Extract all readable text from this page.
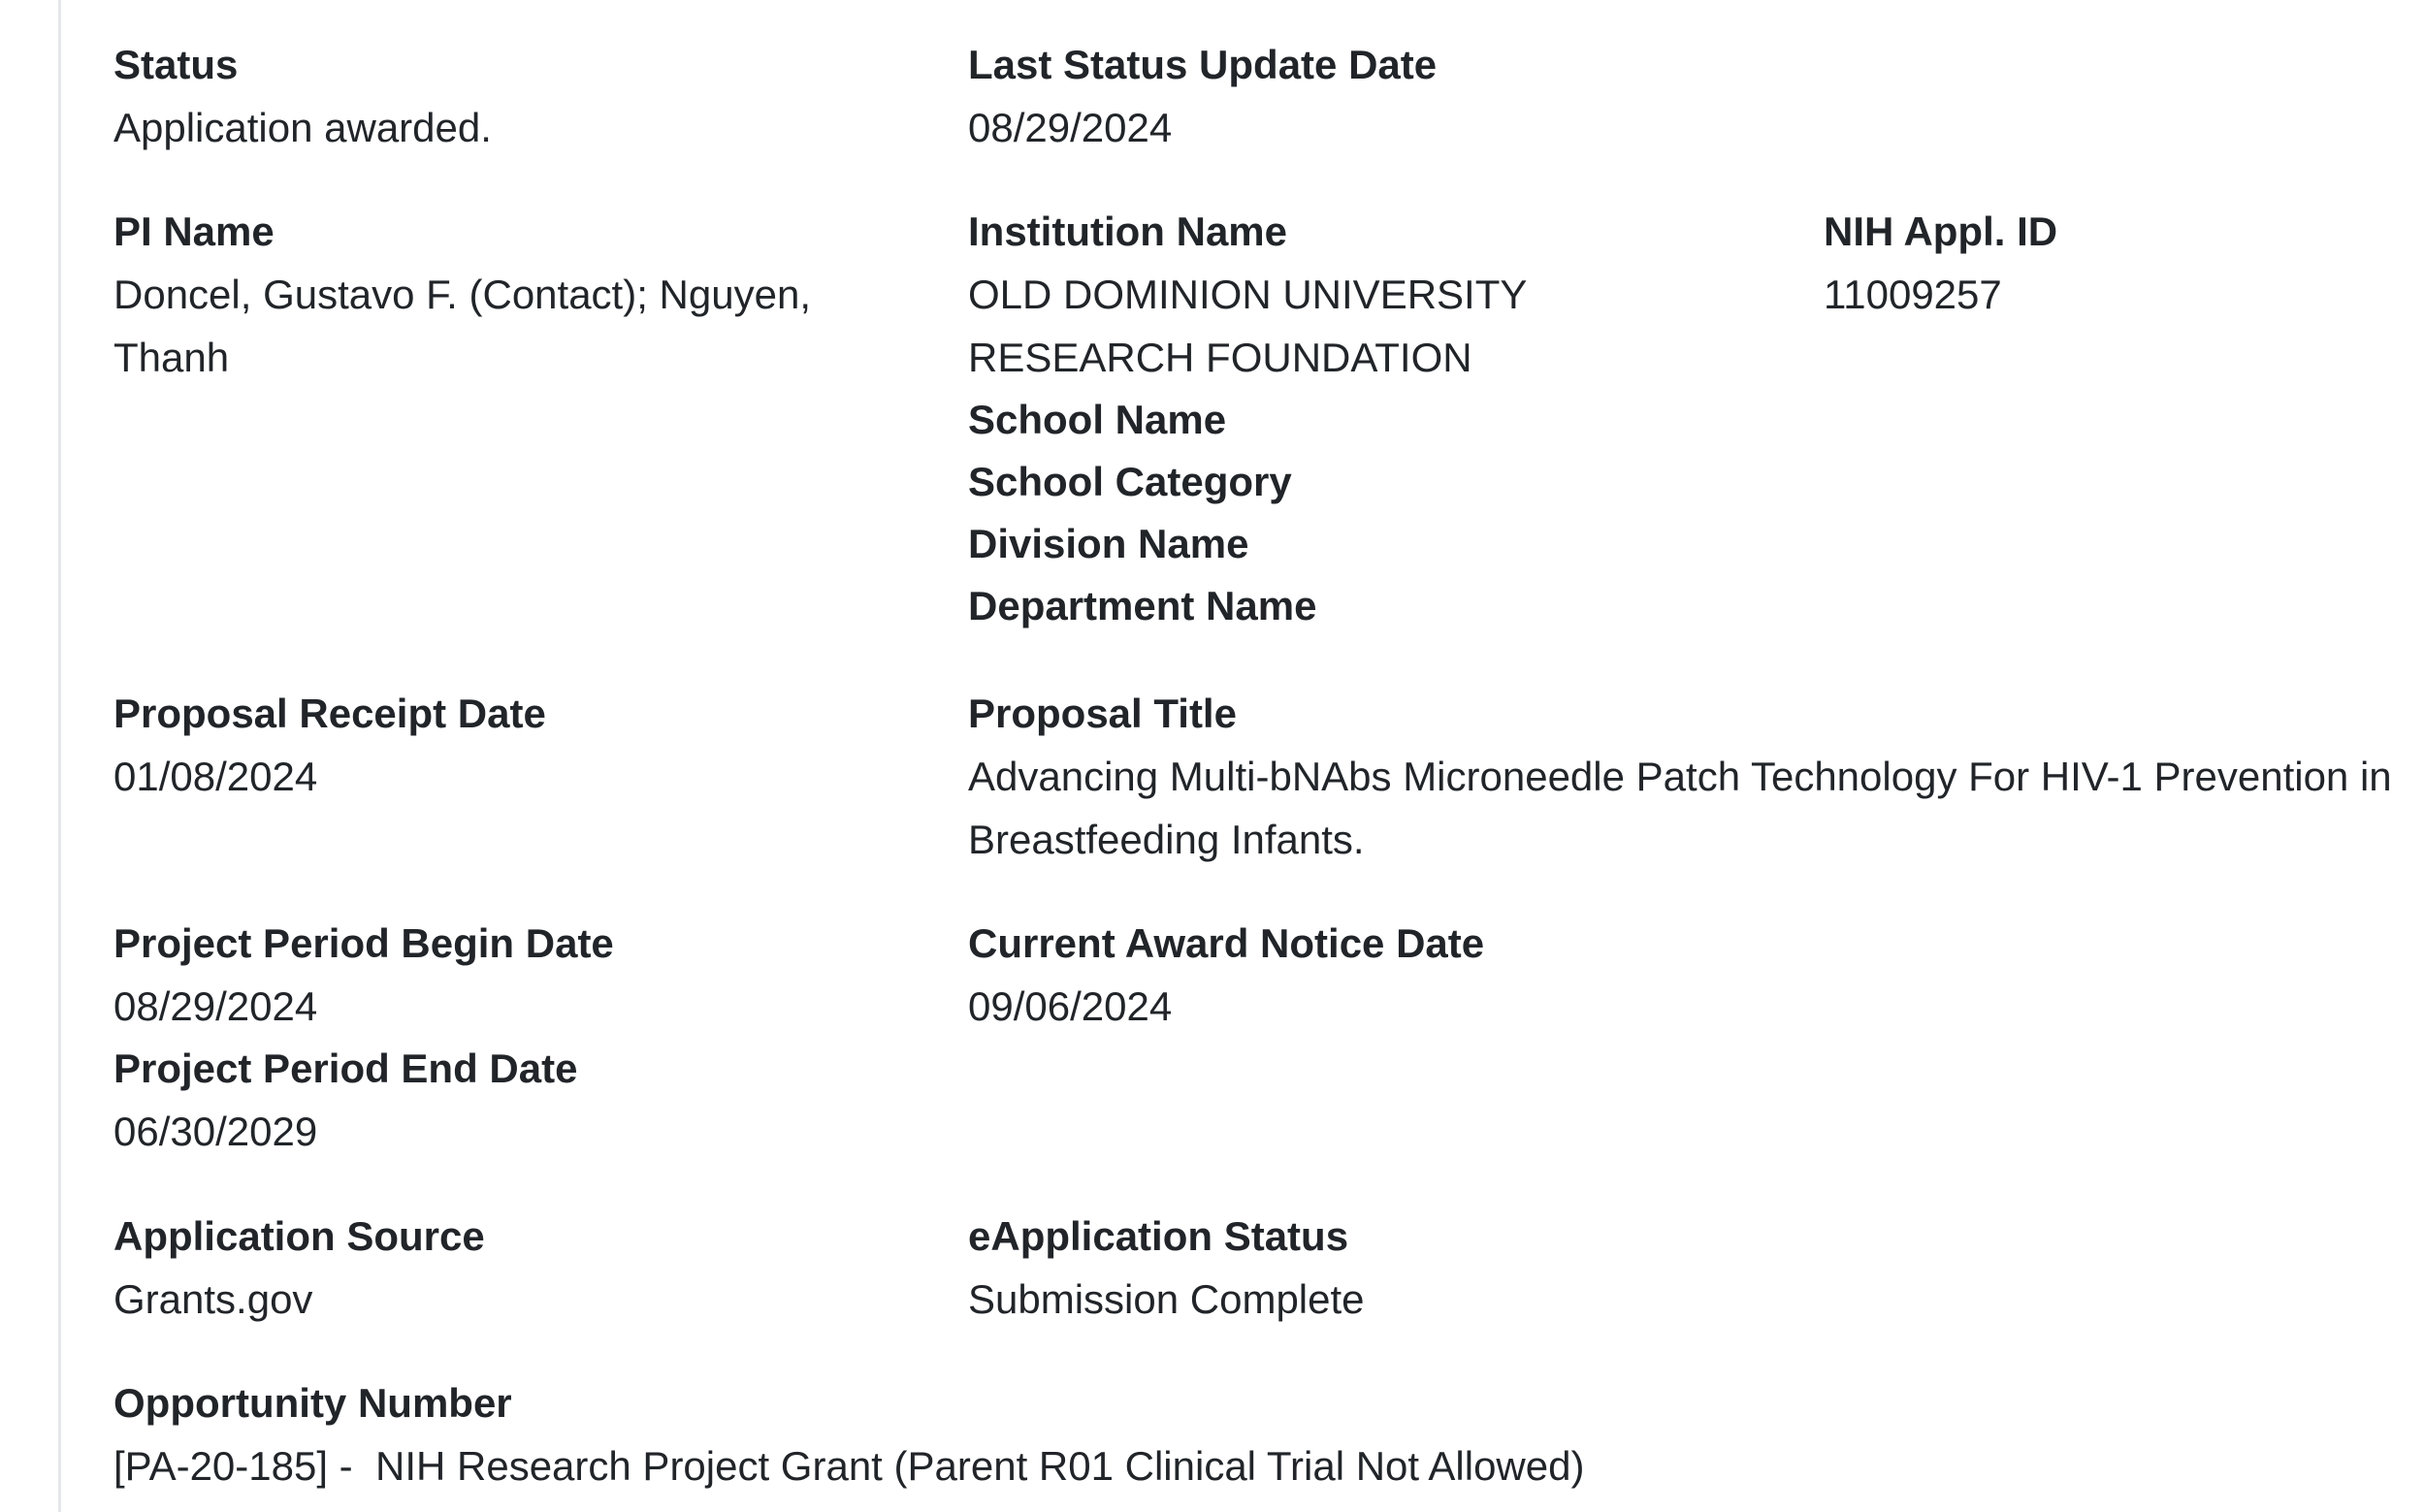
Status
Application awarded.
Last Status Update Date
08/29/2024
PI Name
Doncel, Gustavo F. (Contact); Nguyen, Thanh
Institution Name
OLD DOMINION UNIVERSITY RESEARCH FOUNDATION
School Name
School Category
Division Name
Department Name
NIH Appl. ID
11009257
Proposal Receipt Date
01/08/2024
Proposal Title
Advancing Multi-bNAbs Microneedle Patch Technology For HIV-1 Prevention in Breastfeeding Infants.
Project Period Begin Date
08/29/2024
Project Period End Date
06/30/2029
Current Award Notice Date
09/06/2024
Application Source
Grants.gov
eApplication Status
Submission Complete
Opportunity Number
[PA-20-185] -  NIH Research Project Grant (Parent R01 Clinical Trial Not Allowed)
